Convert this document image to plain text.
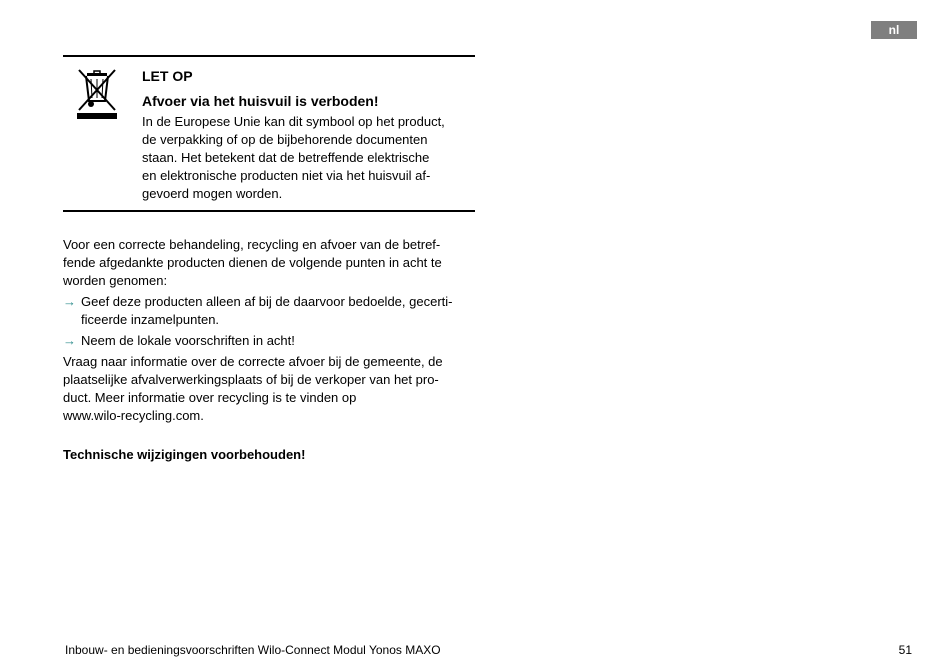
nl

LET OP

Afvoer via het huisvuil is verboden!

In de Europese Unie kan dit symbool op het product,
de verpakking of op de bijbehorende documenten
staan. Het betekent dat de betreffende elektrische
en elektronische producten niet via het huisvuil af-
gevoerd mogen worden.

Voor een correcte behandeling, recycling en afvoer van de betref-
fende afgedankte producten dienen de volgende punten in acht te
worden genomen:

→ Geef deze producten alleen af bij de daarvoor bedoelde, gecerti-
ficeerde inzamelpunten.
→ Neem de lokale voorschriften in acht!

Vraag naar informatie over de correcte afvoer bij de gemeente, de
plaatselijke afvalverwerkingsplaats of bij de verkoper van het pro-
duct. Meer informatie over recycling is te vinden op
www.wilo-recycling.com.

Technische wijzigingen voorbehouden!
Inbouw- en bedieningsvoorschriften Wilo-Connect Modul Yonos MAXO	51
